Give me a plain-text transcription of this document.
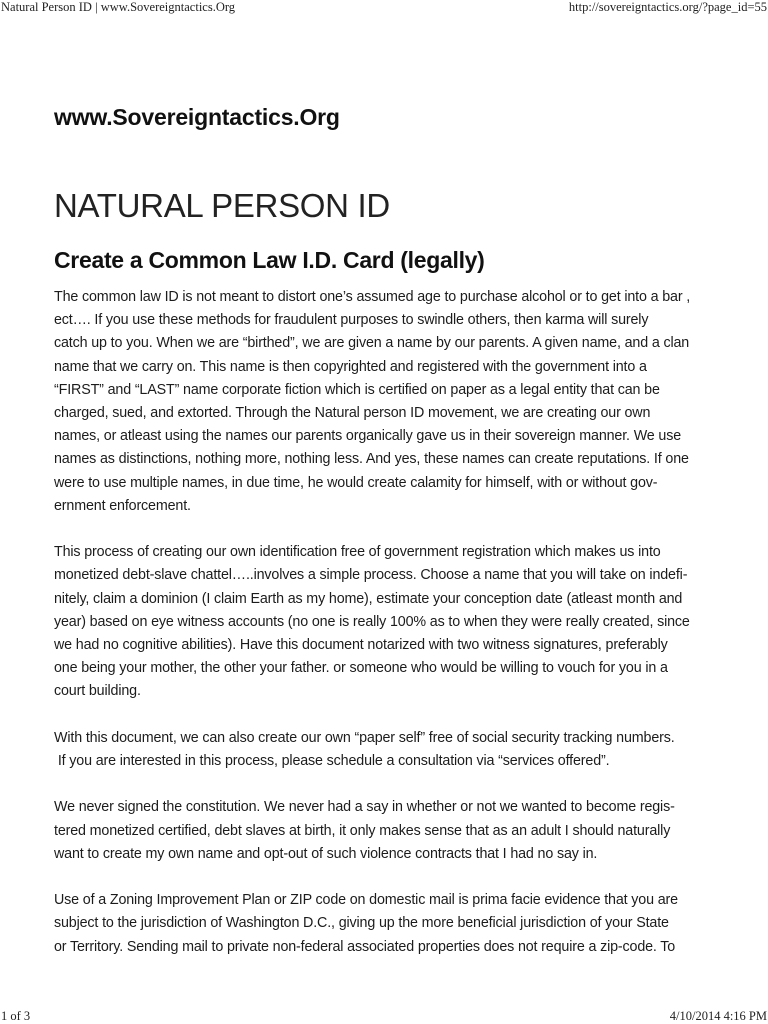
Natural Person ID | www.Sovereigntactics.Org	http://sovereigntactics.org/?page_id=55
www.Sovereigntactics.Org
NATURAL PERSON ID
Create a Common Law I.D. Card (legally)

The common law ID is not meant to distort one’s assumed age to purchase alcohol or to get into a bar ,
ect…. If you use these methods for fraudulent purposes to swindle others, then karma will surely
catch up to you. When we are “birthed”, we are given a name by our parents. A given name, and a clan
name that we carry on. This name is then copyrighted and registered with the government into a
“FIRST” and “LAST” name corporate fiction which is certified on paper as a legal entity that can be
charged, sued, and extorted. Through the Natural person ID movement, we are creating our own
names, or atleast using the names our parents organically gave us in their sovereign manner. We use
names as distinctions, nothing more, nothing less. And yes, these names can create reputations. If one
were to use multiple names, in due time, he would create calamity for himself, with or without gov-
ernment enforcement.

This process of creating our own identification free of government registration which makes us into
monetized debt-slave chattel…..involves a simple process. Choose a name that you will take on indefi-
nitely, claim a dominion (I claim Earth as my home), estimate your conception date (atleast month and
year) based on eye witness accounts (no one is really 100% as to when they were really created, since
we had no cognitive abilities). Have this document notarized with two witness signatures, preferably
one being your mother, the other your father. or someone who would be willing to vouch for you in a
court building.

With this document, we can also create our own “paper self” free of social security tracking numbers.
If you are interested in this process, please schedule a consultation via “services offered”.

We never signed the constitution. We never had a say in whether or not we wanted to become regis-
tered monetized certified, debt slaves at birth, it only makes sense that as an adult I should naturally
want to create my own name and opt-out of such violence contracts that I had no say in.

Use of a Zoning Improvement Plan or ZIP code on domestic mail is prima facie evidence that you are
subject to the jurisdiction of Washington D.C., giving up the more beneficial jurisdiction of your State
or Territory. Sending mail to private non-federal associated properties does not require a zip-code. To

1 of 3	4/10/2014 4:16 PM
